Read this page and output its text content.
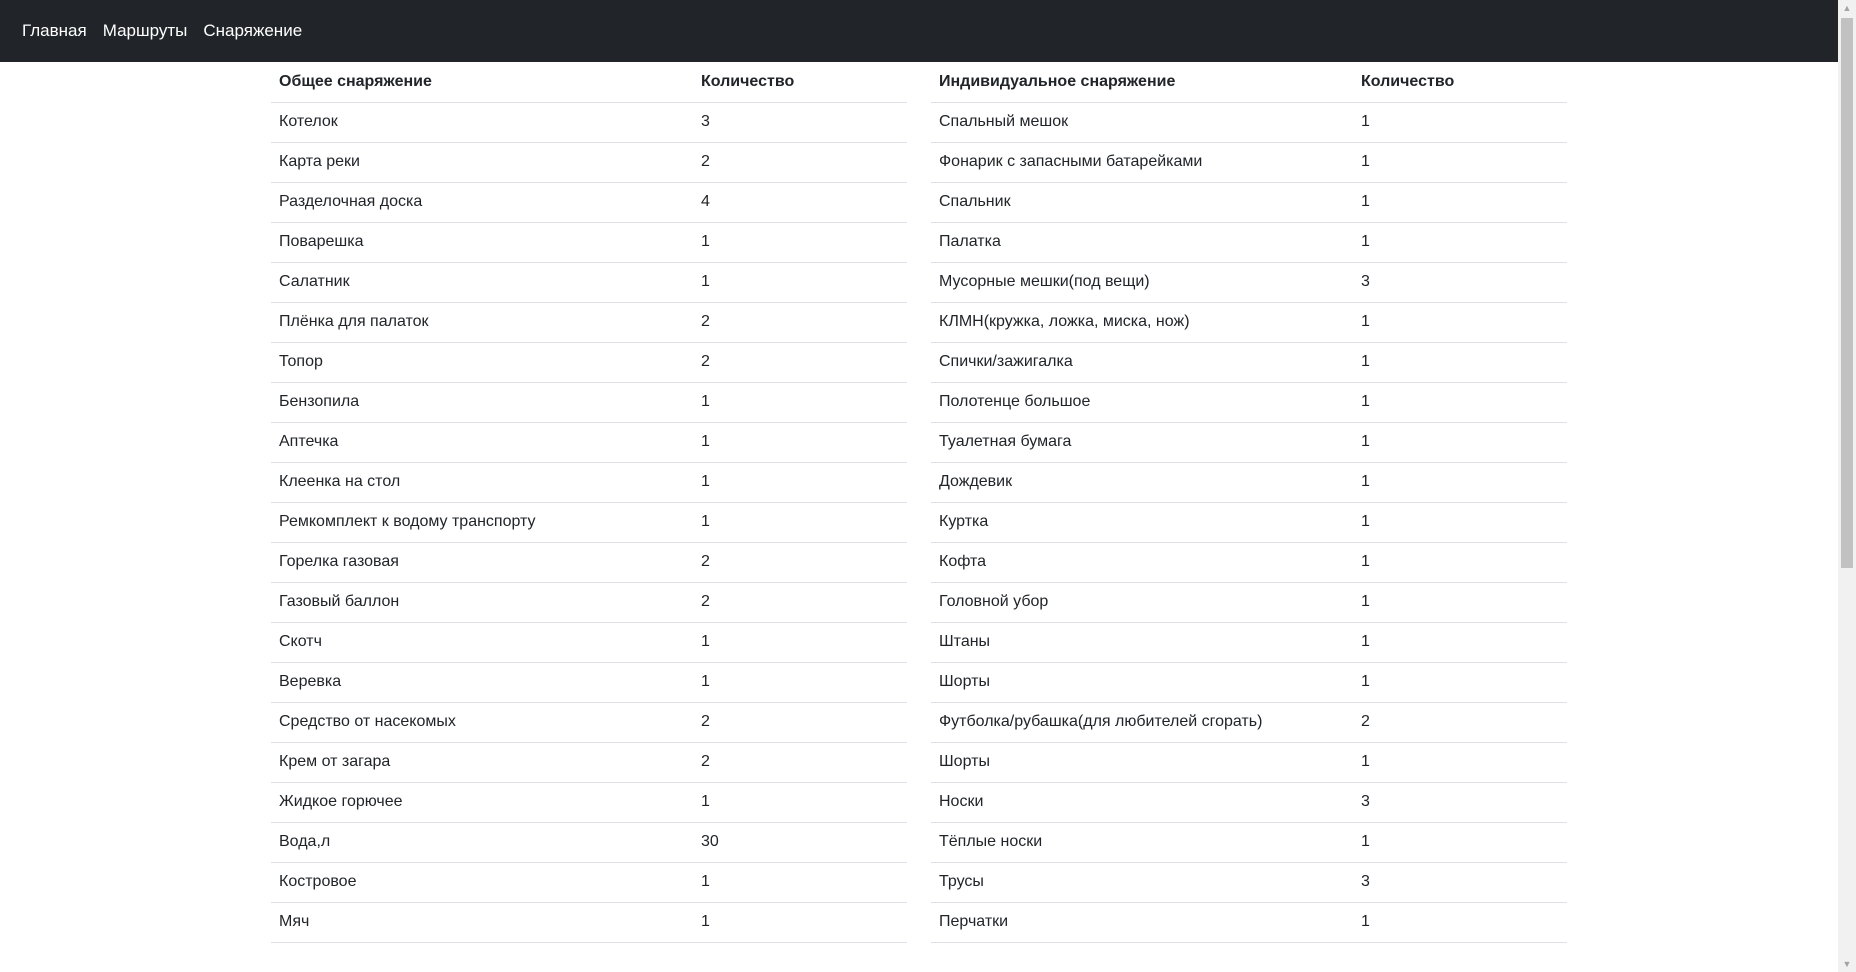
Главная Маршруты Снаряжение
Общее снаряжение	Количество
Котелок	3
Карта реки	2
Разделочная доска	4
Поварешка	1
Салатник	1
Плёнка для палаток	2
Топор	2
Бензопила	1
Аптечка	1
Клеенка на стол	1
Ремкомплект к водому транспорту	1
Горелка газовая	2
Газовый баллон	2
Скотч	1
Веревка	1
Средство от насекомых	2
Крем от загара	2
Жидкое горючее	1
Вода,л	30
Костровое	1
Мяч	1
Индивидуальное снаряжение	Количество
Спальный мешок	1
Фонарик с запасными батарейками	1
Спальник	1
Палатка	1
Мусорные мешки(под вещи)	3
КЛМН(кружка, ложка, миска, нож)	1
Спички/зажигалка	1
Полотенце большое	1
Туалетная бумага	1
Дождевик	1
Куртка	1
Кофта	1
Головной убор	1
Штаны	1
Шорты	1
Футболка/рубашка(для любителей сгорать)	2
Шорты	1
Носки	3
Тёплые носки	1
Трусы	3
Перчатки	1
▲
▼
